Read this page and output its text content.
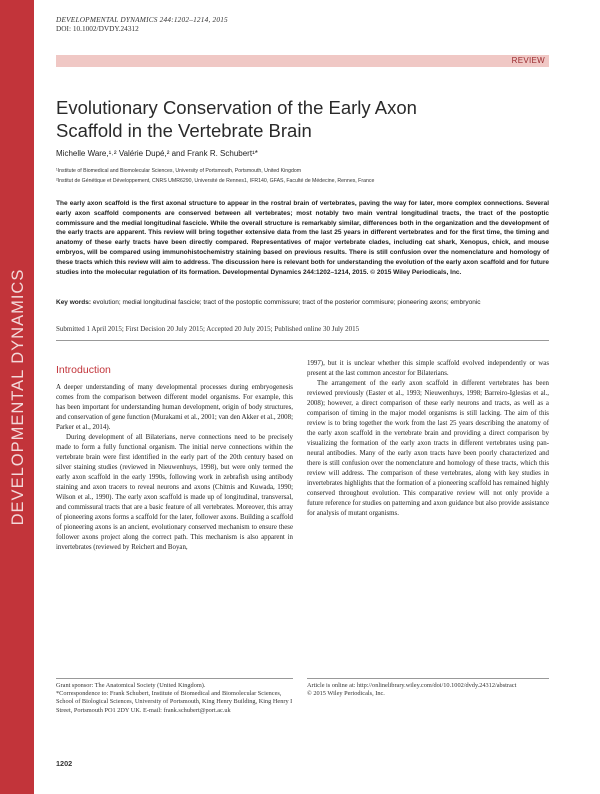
DEVELOPMENTAL DYNAMICS
DEVELOPMENTAL DYNAMICS 244:1202–1214, 2015
DOI: 10.1002/DVDY.24312
REVIEW
Evolutionary Conservation of the Early Axon
Scaffold in the Vertebrate Brain
Michelle Ware,¹˒² Valérie Dupé,² and Frank R. Schubert¹*
¹Institute of Biomedical and Biomolecular Sciences, University of Portsmouth, Portsmouth, United Kingdom
²Institut de Génétique et Développement, CNRS UMR6290, Université de Rennes1, IFR140, GFAS, Faculté de Médecine, Rennes, France
The early axon scaffold is the first axonal structure to appear in the rostral brain of vertebrates, paving the way for later, more complex connections. Several early axon scaffold components are conserved between all vertebrates; most notably two main ventral longitudinal tracts, the tract of the postoptic commissure and the medial longitudinal fascicle. While the overall structure is remarkably similar, differences both in the organization and the development of the early tracts are apparent. This review will bring together extensive data from the last 25 years in different vertebrates and for the first time, the timing and anatomy of these early tracts have been directly compared. Representatives of major vertebrate clades, including cat shark, Xenopus, chick, and mouse embryos, will be compared using immunohistochemistry staining based on previous results. There is still confusion over the nomenclature and homology of these tracts which this review will aim to address. The discussion here is relevant both for understanding the evolution of the early axon scaffold and for future studies into the molecular regulation of its formation. Developmental Dynamics 244:1202–1214, 2015. © 2015 Wiley Periodicals, Inc.
Key words: evolution; medial longitudinal fascicle; tract of the postoptic commissure; tract of the posterior commisure; pioneering axons; embryonic
Submitted 1 April 2015; First Decision 20 July 2015; Accepted 20 July 2015; Published online 30 July 2015
Introduction

A deeper understanding of many developmental processes during embryogenesis comes from the comparison between different model organisms. For example, this has been important for understanding human development, origin of body structures, and conservation of gene function (Murakami et al., 2001; van den Akker et al., 2008; Parker et al., 2014).

During development of all Bilaterians, nerve connections need to be precisely made to form a fully functional organism. The initial nerve connections within the vertebrate brain were first identified in the early part of the 20th century based on silver staining studies (reviewed in Nieuwenhuys, 1998), but were only termed the early axon scaffold in the early 1990s, following work in zebrafish using antibody staining and axon tracers to reveal neurons and axons (Chitnis and Kuwada, 1990; Wilson et al., 1990). The early axon scaffold is made up of longitudinal, transversal, and commissural tracts that are a basic feature of all vertebrates. Moreover, this array of pioneering axons forms a scaffold for the later, follower axons. Building a scaffold of pioneering axons is an ancient, evolutionary conserved mechanism to ensure these follower axons project along the correct path. This mechanism is also apparent in invertebrates (reviewed by Reichert and Boyan,

1997), but it is unclear whether this simple scaffold evolved independently or was present at the last common ancestor for Bilaterians.

The arrangement of the early axon scaffold in different vertebrates has been reviewed previously (Easter et al., 1993; Nieuwenhuys, 1998; Barreiro-Iglesias et al., 2008); however, a direct comparison of these early neurons and tracts, as well as a comparison of timing in the major model organisms is still lacking. The aim of this review is to bring together the work from the last 25 years describing the anatomy of the early axon scaffold in the vertebrate brain and providing a direct comparison by visualizing the formation of the early axon tracts in different vertebrates using pan-neural antibodies. Many of the early axon tracts have been poorly characterized and there is still confusion over the nomenclature and homology of these tracts, which this review will address. The comparison of these vertebrates, along with key studies in invertebrates highlights that the formation of a pioneering scaffold has remained highly conserved throughout evolution. This comparative review will not only provide a future reference for studies on patterning and axon guidance but also provide assistance for analysis of mutant organisms.

Grant sponsor: The Anatomical Society (United Kingdom).
*Correspondence to: Frank Schubert, Institute of Biomedical and Biomolecular Sciences, School of Biological Sciences, University of Portsmouth, King Henry Building, King Henry I Street, Portsmouth PO1 2DY UK. E-mail: frank.schubert@port.ac.uk
Article is online at: http://onlinelibrary.wiley.com/doi/10.1002/dvdy.24312/abstract
© 2015 Wiley Periodicals, Inc.
1202
